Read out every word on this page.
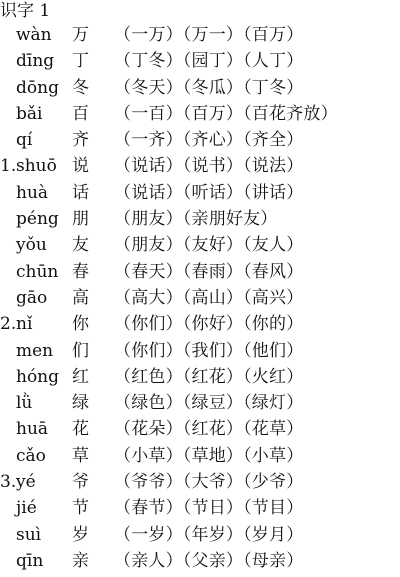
识字 1
wàn 万 （一万）（万一）（百万）
dīng 丁 （丁冬）（园丁）（人丁）
dōng 冬 （冬天）（冬瓜）（丁冬）
bǎi 百 （一百）（百万）（百花齐放）
qí 齐 （一齐）（齐心）（齐全）
1. shuō 说 （说话）（说书）（说法）
huà 话 （说话）（听话）（讲话）
péng 朋 （朋友）（亲朋好友）
yǒu 友 （朋友）（友好）（友人）
chūn 春 （春天）（春雨）（春风）
gāo 高 （高大）（高山）（高兴）
2. nǐ 你 （你们）（你好）（你的）
men 们 （你们）（我们）（他们）
hóng 红 （红色）（红花）（火红）
lǜ 绿 （绿色）（绿豆）（绿灯）
huā 花 （花朵）（红花）（花草）
cǎo 草 （小草）（草地）（小草）
3. yé 爷 （爷爷）（大爷）（少爷）
jié 节 （春节）（节日）（节目）
suì 岁 （一岁）（年岁）（岁月）
qīn 亲 （亲人）（父亲）（母亲）
